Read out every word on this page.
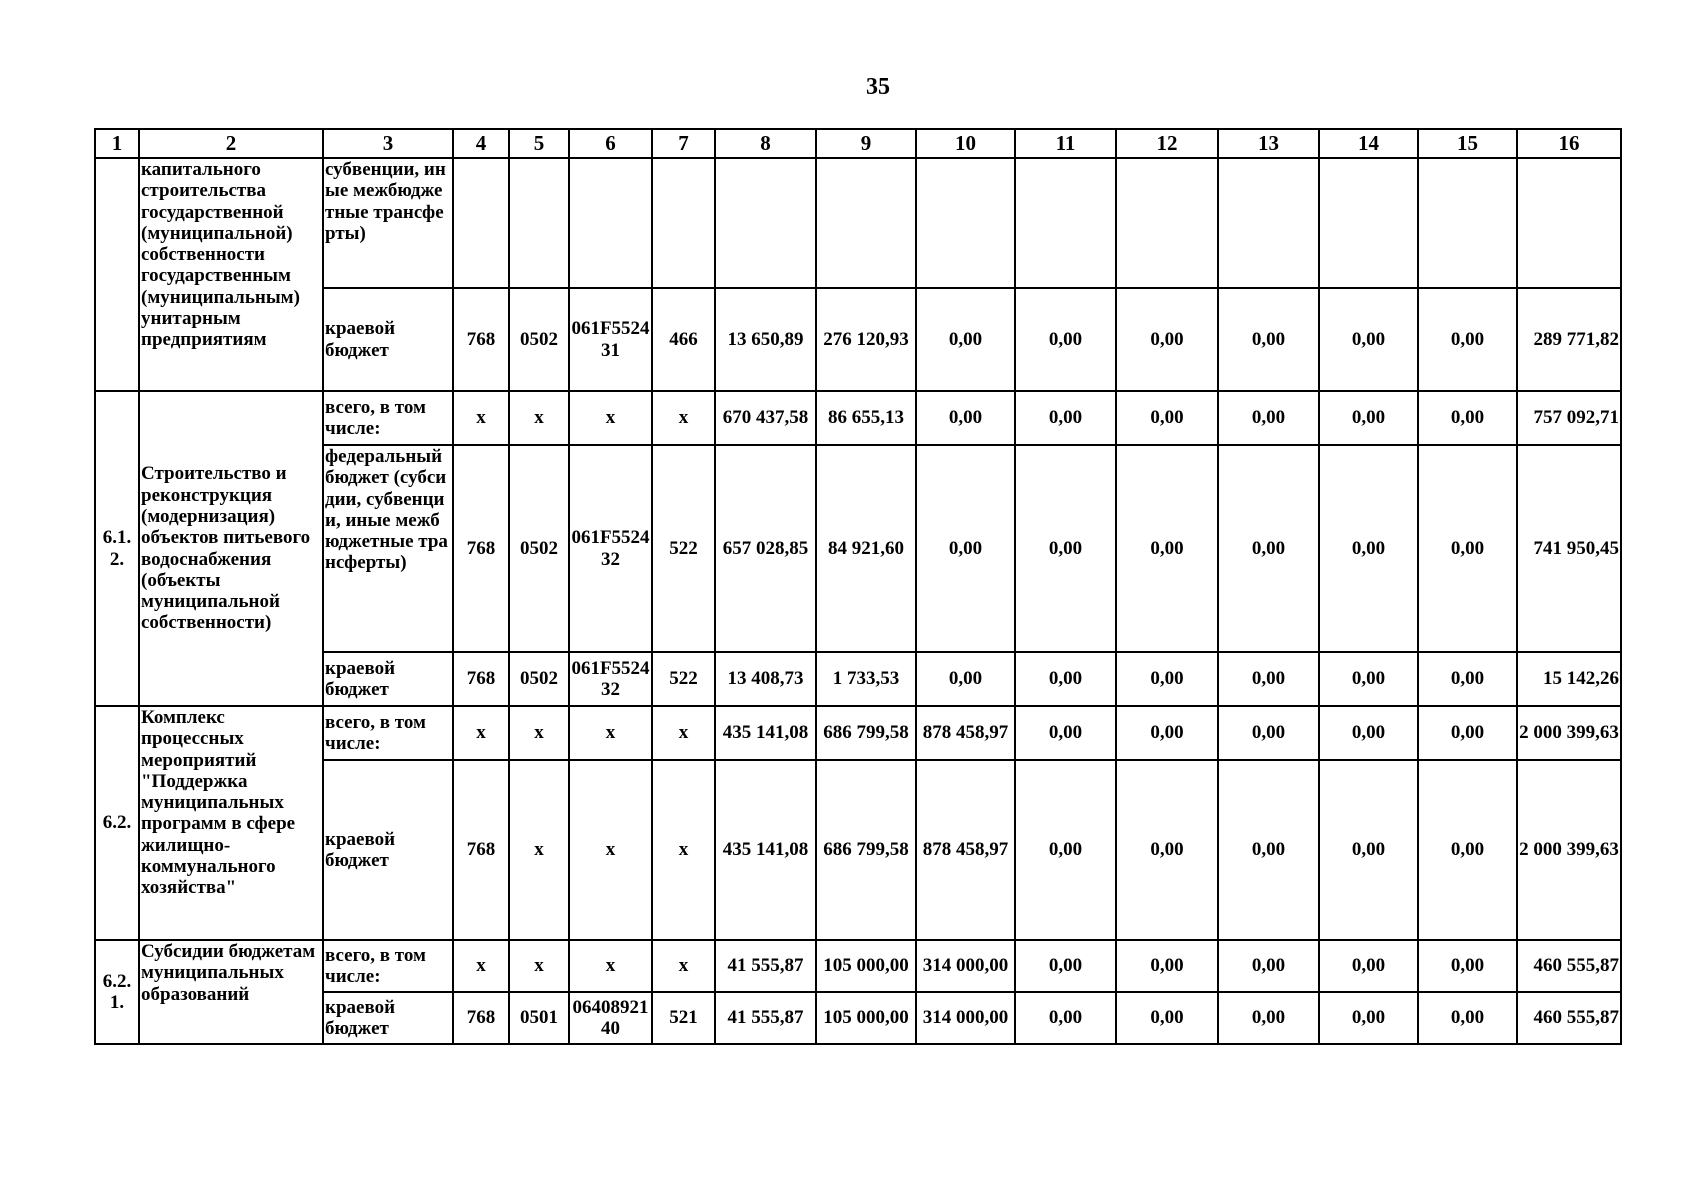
35
1	2	3	4	5	6	7	8	9	10	11	12	13	14	15	16
	капитального строительства государственной (муниципальной) собственности государственным (муниципальным) унитарным предприятиям	субвенции, иные межбюджетные трансферты)													
		краевой бюджет	768	0502	061F552431	466	13 650,89	276 120,93	0,00	0,00	0,00	0,00	0,00	0,00	289 771,82
6.1.2.	Строительство и реконструкция (модернизация) объектов питьевого водоснабжения (объекты муниципальной собственности)	всего, в том числе:	х	х	х	х	670 437,58	86 655,13	0,00	0,00	0,00	0,00	0,00	0,00	757 092,71
		федеральный бюджет (субсидии, субвенции, иные межбюджетные трансферты)	768	0502	061F552432	522	657 028,85	84 921,60	0,00	0,00	0,00	0,00	0,00	0,00	741 950,45
		краевой бюджет	768	0502	061F552432	522	13 408,73	1 733,53	0,00	0,00	0,00	0,00	0,00	0,00	15 142,26
6.2.	Комплекс процессных мероприятий "Поддержка муниципальных программ в сфере жилищно-коммунального хозяйства"	всего, в том числе:	х	х	х	х	435 141,08	686 799,58	878 458,97	0,00	0,00	0,00	0,00	0,00	2 000 399,63
		краевой бюджет	768	х	х	х	435 141,08	686 799,58	878 458,97	0,00	0,00	0,00	0,00	0,00	2 000 399,63
6.2.1.	Субсидии бюджетам муниципальных образований	всего, в том числе:	х	х	х	х	41 555,87	105 000,00	314 000,00	0,00	0,00	0,00	0,00	0,00	460 555,87
		краевой бюджет	768	0501	0640892140	521	41 555,87	105 000,00	314 000,00	0,00	0,00	0,00	0,00	0,00	460 555,87
